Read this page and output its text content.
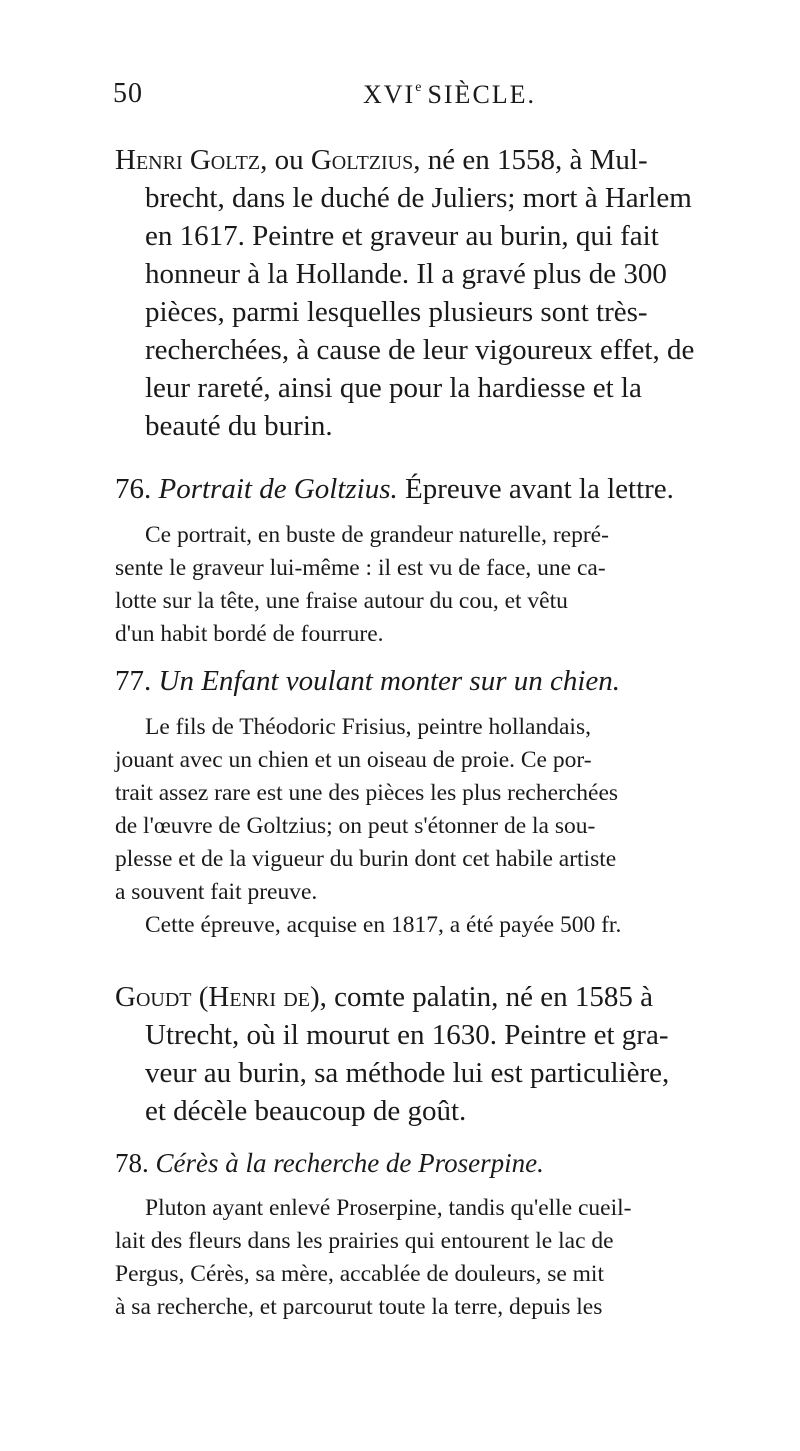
50	XVIe SIÈCLE.
Henri Goltz, ou Goltzius, né en 1558, à Mul-
brecht, dans le duché de Juliers; mort à Harlem
en 1617. Peintre et graveur au burin, qui fait
honneur à la Hollande. Il a gravé plus de 300
pièces, parmi lesquelles plusieurs sont très-
recherchées, à cause de leur vigoureux effet, de
leur rareté, ainsi que pour la hardiesse et la
beauté du burin.
76. Portrait de Goltzius. Épreuve avant la lettre.
Ce portrait, en buste de grandeur naturelle, repré-
sente le graveur lui-même : il est vu de face, une ca-
lotte sur la tête, une fraise autour du cou, et vêtu
d'un habit bordé de fourrure.
77. Un Enfant voulant monter sur un chien.
Le fils de Théodoric Frisius, peintre hollandais,
jouant avec un chien et un oiseau de proie. Ce por-
trait assez rare est une des pièces les plus recherchées
de l'œuvre de Goltzius; on peut s'étonner de la sou-
plesse et de la vigueur du burin dont cet habile artiste
a souvent fait preuve.
Cette épreuve, acquise en 1817, a été payée 500 fr.
Goudt (Henri de), comte palatin, né en 1585 à
Utrecht, où il mourut en 1630. Peintre et gra-
veur au burin, sa méthode lui est particulière,
et décèle beaucoup de goût.
78. Cérès à la recherche de Proserpine.
Pluton ayant enlevé Proserpine, tandis qu'elle cueil-
lait des fleurs dans les prairies qui entourent le lac de
Pergus, Cérès, sa mère, accablée de douleurs, se mit
à sa recherche, et parcourut toute la terre, depuis les
